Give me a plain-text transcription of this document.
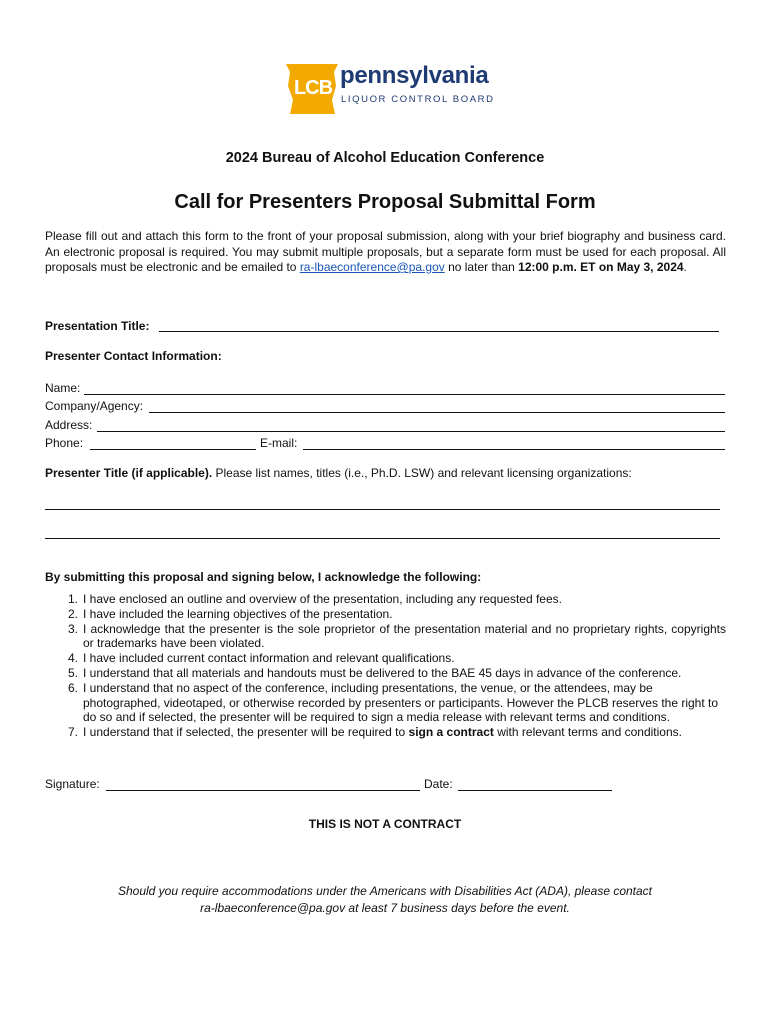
LCB pennsylvania
LIQUOR CONTROL BOARD
2024 Bureau of Alcohol Education Conference
Call for Presenters Proposal Submittal Form
Please fill out and attach this form to the front of your proposal submission, along with your brief biography and business card. An electronic proposal is required. You may submit multiple proposals, but a separate form must be used for each proposal. All proposals must be electronic and be emailed to ra-lbaeconference@pa.gov no later than 12:00 p.m. ET on May 3, 2024.
Presentation Title:
Presenter Contact Information:
Name:
Company/Agency:
Address:
Phone:	E-mail:
Presenter Title (if applicable). Please list names, titles (i.e., Ph.D. LSW) and relevant licensing organizations:
By submitting this proposal and signing below, I acknowledge the following:
1. I have enclosed an outline and overview of the presentation, including any requested fees.
2. I have included the learning objectives of the presentation.
3. I acknowledge that the presenter is the sole proprietor of the presentation material and no proprietary rights, copyrights or trademarks have been violated.
4. I have included current contact information and relevant qualifications.
5. I understand that all materials and handouts must be delivered to the BAE 45 days in advance of the conference.
6. I understand that no aspect of the conference, including presentations, the venue, or the attendees, may be photographed, videotaped, or otherwise recorded by presenters or participants. However the PLCB reserves the right to do so and if selected, the presenter will be required to sign a media release with relevant terms and conditions.
7. I understand that if selected, the presenter will be required to sign a contract with relevant terms and conditions.
Signature:	Date:
THIS IS NOT A CONTRACT
Should you require accommodations under the Americans with Disabilities Act (ADA), please contact
ra-lbaeconference@pa.gov at least 7 business days before the event.
